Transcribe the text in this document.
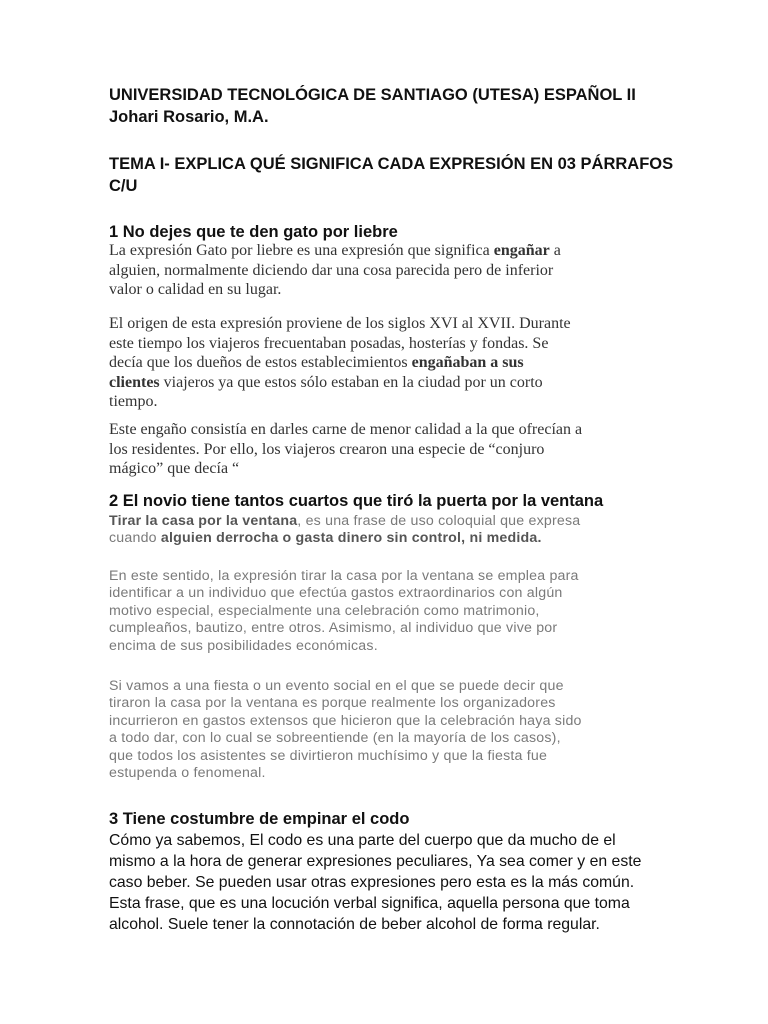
UNIVERSIDAD TECNOLÓGICA DE SANTIAGO (UTESA) ESPAÑOL II
Johari Rosario, M.A.
TEMA I- EXPLICA QUÉ SIGNIFICA CADA EXPRESIÓN EN 03 PÁRRAFOS
C/U
1 No dejes que te den gato por liebre
La expresión Gato por liebre es una expresión que significa engañar a
alguien, normalmente diciendo dar una cosa parecida pero de inferior
valor o calidad en su lugar.
El origen de esta expresión proviene de los siglos XVI al XVII. Durante
este tiempo los viajeros frecuentaban posadas, hosterías y fondas. Se
decía que los dueños de estos establecimientos engañaban a sus
clientes viajeros ya que estos sólo estaban en la ciudad por un corto
tiempo.
Este engaño consistía en darles carne de menor calidad a la que ofrecían a
los residentes. Por ello, los viajeros crearon una especie de “conjuro
mágico” que decía “
2 El novio tiene tantos cuartos que tiró la puerta por la ventana
Tirar la casa por la ventana, es una frase de uso coloquial que expresa
cuando alguien derrocha o gasta dinero sin control, ni medida.
En este sentido, la expresión tirar la casa por la ventana se emplea para
identificar a un individuo que efectúa gastos extraordinarios con algún
motivo especial, especialmente una celebración como matrimonio,
cumpleaños, bautizo, entre otros. Asimismo, al individuo que vive por
encima de sus posibilidades económicas.
Si vamos a una fiesta o un evento social en el que se puede decir que
tiraron la casa por la ventana es porque realmente los organizadores
incurrieron en gastos extensos que hicieron que la celebración haya sido
a todo dar, con lo cual se sobreentiende (en la mayoría de los casos),
que todos los asistentes se divirtieron muchísimo y que la fiesta fue
estupenda o fenomenal.
3 Tiene costumbre de empinar el codo
Cómo ya sabemos, El codo es una parte del cuerpo que da mucho de el
mismo a la hora de generar expresiones peculiares, Ya sea comer y en este
caso beber. Se pueden usar otras expresiones pero esta es la más común.
Esta frase, que es una locución verbal significa, aquella persona que toma
alcohol. Suele tener la connotación de beber alcohol de forma regular.
